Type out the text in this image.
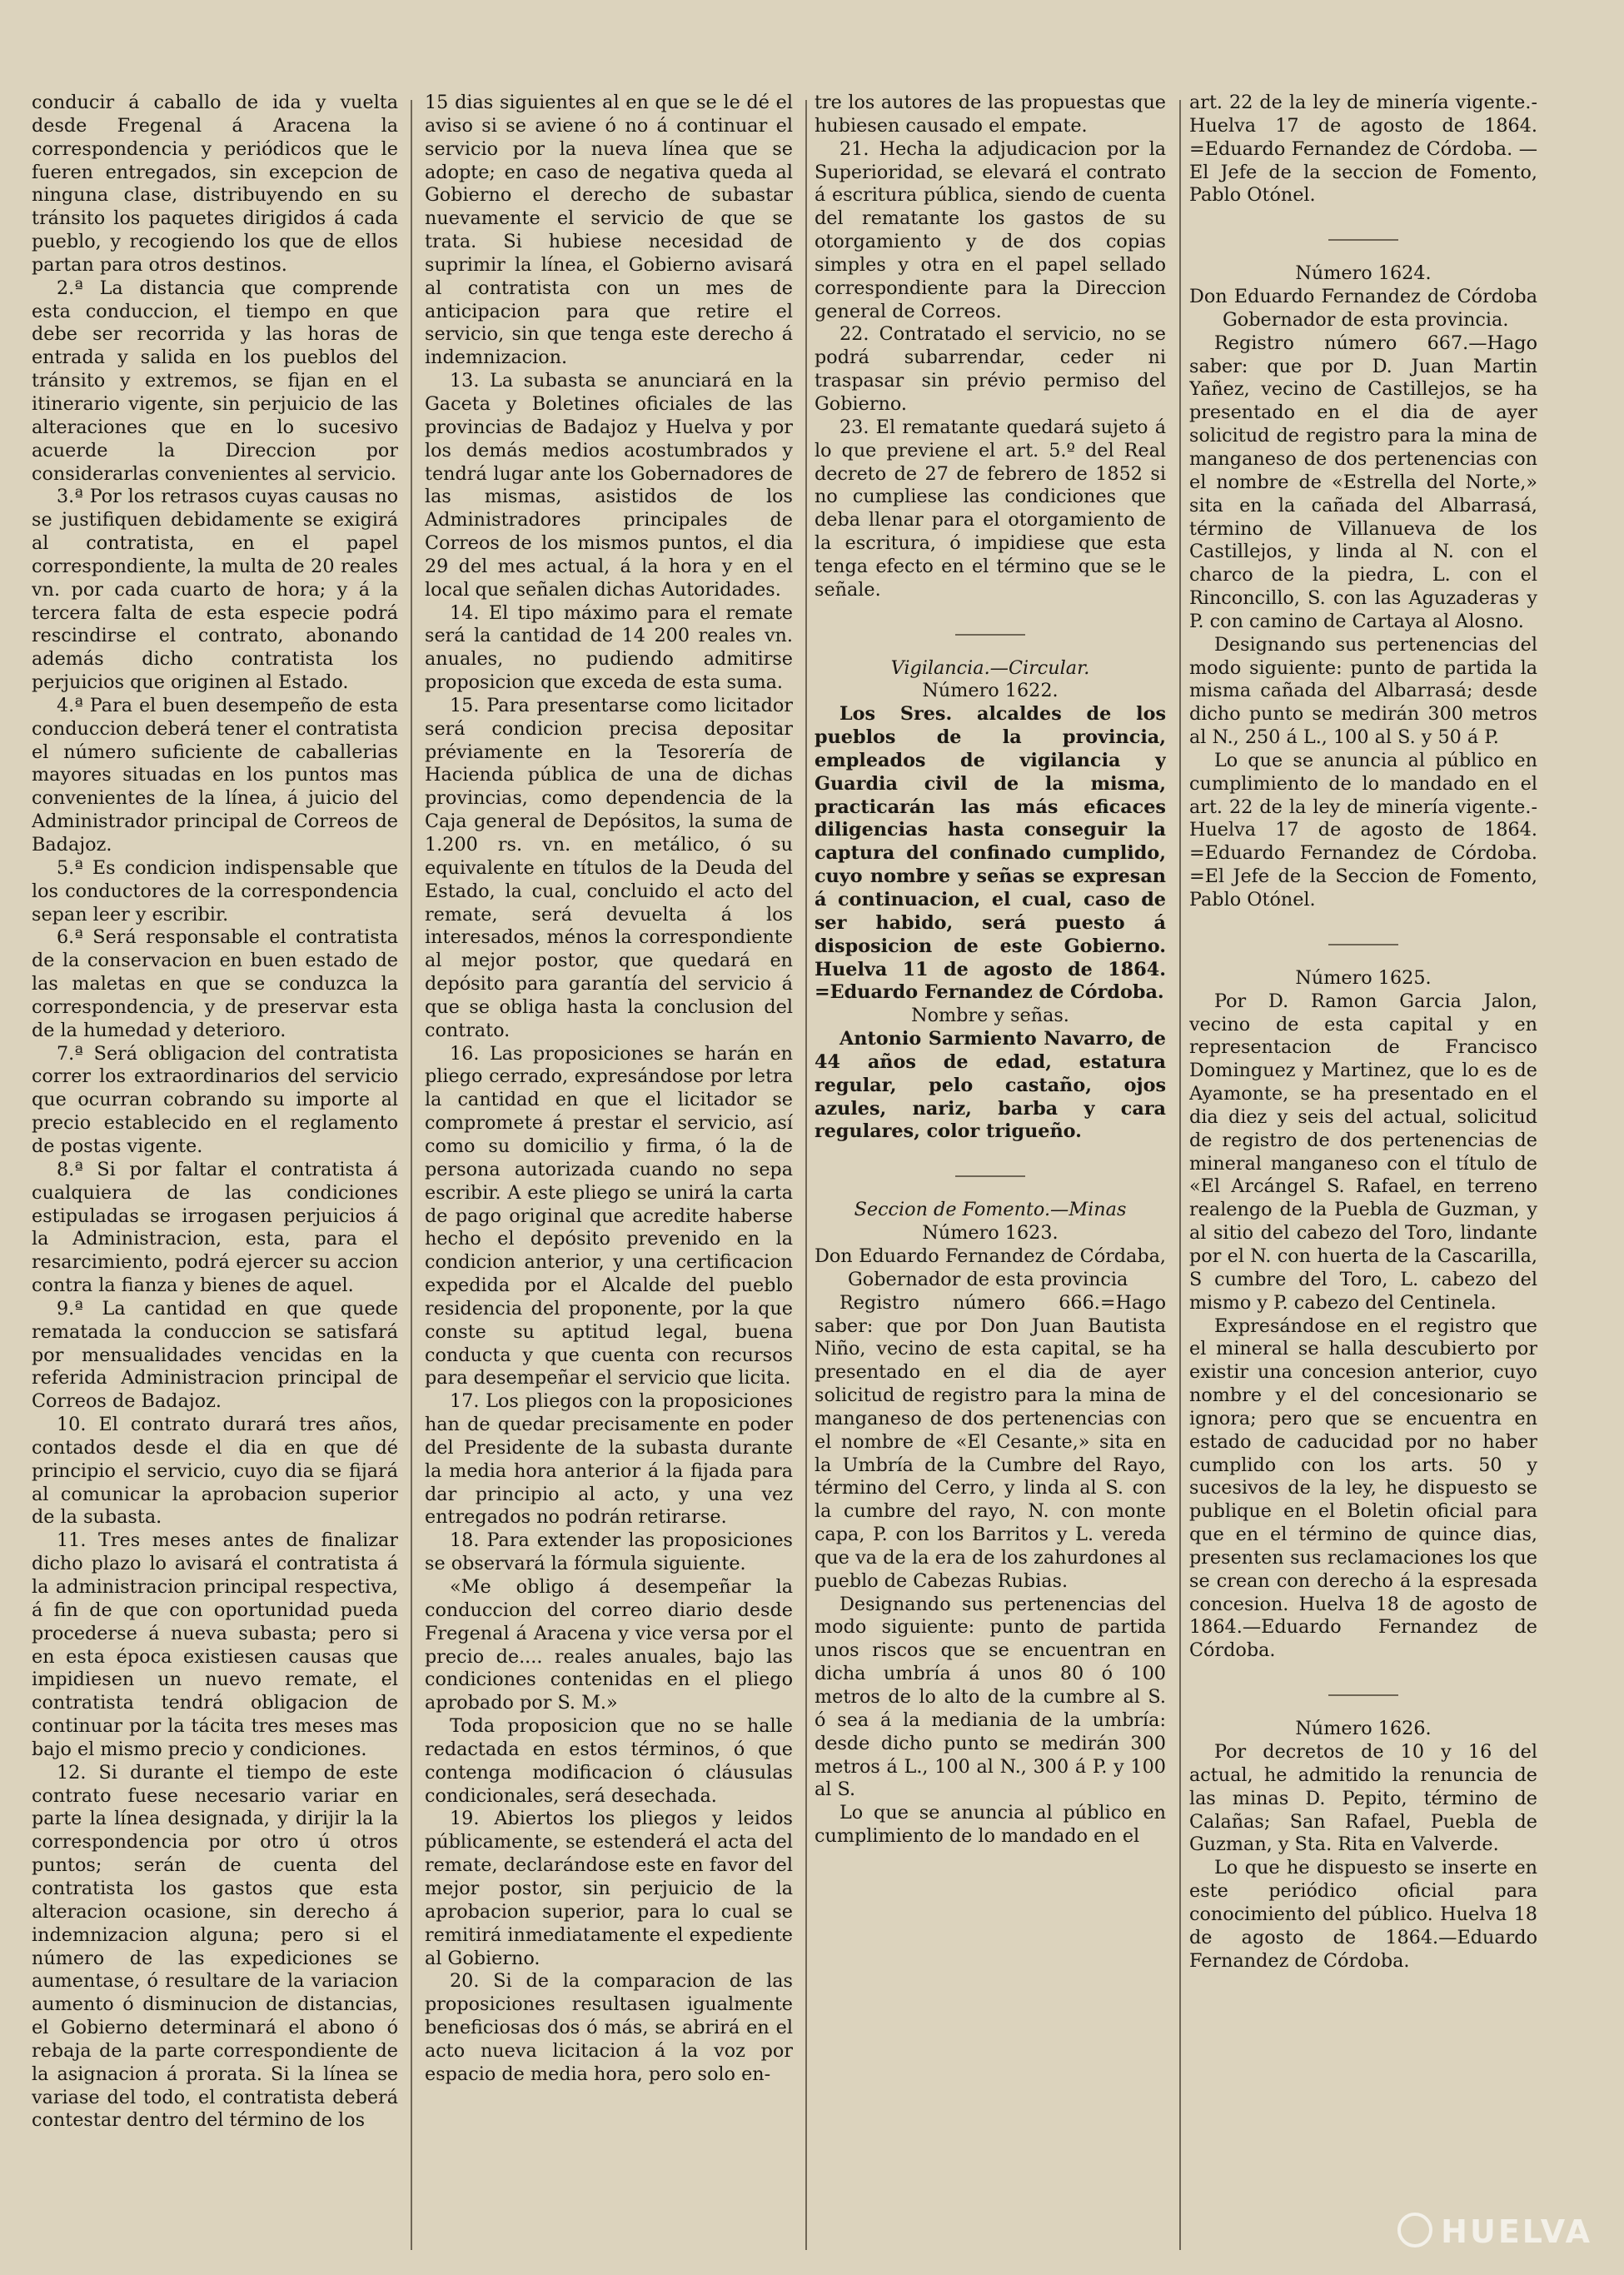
conducir á caballo de ida y vuelta desde Fregenal á Aracena la correspondencia y periódicos que le fueren entregados, sin excepcion de ninguna clase, distribuyendo en su tránsito los paquetes dirigidos á cada pueblo, y recogiendo los que de ellos partan para otros destinos.

2.ª La distancia que comprende esta conduccion, el tiempo en que debe ser recorrida y las horas de entrada y salida en los pueblos del tránsito y extremos, se fijan en el itinerario vigente, sin perjuicio de las alteraciones que en lo sucesivo acuerde la Direccion por considerarlas convenientes al servicio.

3.ª Por los retrasos cuyas causas no se justifiquen debidamente se exigirá al contratista, en el papel correspondiente, la multa de 20 reales vn. por cada cuarto de hora; y á la tercera falta de esta especie podrá rescindirse el contrato, abonando además dicho contratista los perjuicios que originen al Estado.

4.ª Para el buen desempeño de esta conduccion deberá tener el contratista el número suficiente de caballerias mayores situadas en los puntos mas convenientes de la línea, á juicio del Administrador principal de Correos de Badajoz.

5.ª Es condicion indispensable que los conductores de la correspondencia sepan leer y escribir.

6.ª Será responsable el contratista de la conservacion en buen estado de las maletas en que se conduzca la correspondencia, y de preservar esta de la humedad y deterioro.

7.ª Será obligacion del contratista correr los extraordinarios del servicio que ocurran cobrando su importe al precio establecido en el reglamento de postas vigente.

8.ª Si por faltar el contratista á cualquiera de las condiciones estipuladas se irrogasen perjuicios á la Administracion, esta, para el resarcimiento, podrá ejercer su accion contra la fianza y bienes de aquel.

9.ª La cantidad en que quede rematada la conduccion se satisfará por mensualidades vencidas en la referida Administracion principal de Correos de Badajoz.

10. El contrato durará tres años, contados desde el dia en que dé principio el servicio, cuyo dia se fijará al comunicar la aprobacion superior de la subasta.

11. Tres meses antes de finalizar dicho plazo lo avisará el contratista á la administracion principal respectiva, á fin de que con oportunidad pueda procederse á nueva subasta; pero si en esta época existiesen causas que impidiesen un nuevo remate, el contratista tendrá obligacion de continuar por la tácita tres meses mas bajo el mismo precio y condiciones.

12. Si durante el tiempo de este contrato fuese necesario variar en parte la línea designada, y dirijir la la correspondencia por otro ú otros puntos; serán de cuenta del contratista los gastos que esta alteracion ocasione, sin derecho á indemnizacion alguna; pero si el número de las expediciones se aumentase, ó resultare de la variacion aumento ó disminucion de distancias, el Gobierno determinará el abono ó rebaja de la parte correspondiente de la asignacion á prorata. Si la línea se variase del todo, el contratista deberá contestar dentro del término de los

15 dias siguientes al en que se le dé el aviso si se aviene ó no á continuar el servicio por la nueva línea que se adopte; en caso de negativa queda al Gobierno el derecho de subastar nuevamente el servicio de que se trata. Si hubiese necesidad de suprimir la línea, el Gobierno avisará al contratista con un mes de anticipacion para que retire el servicio, sin que tenga este derecho á indemnizacion.

13. La subasta se anunciará en la Gaceta y Boletines oficiales de las provincias de Badajoz y Huelva y por los demás medios acostumbrados y tendrá lugar ante los Gobernadores de las mismas, asistidos de los Administradores principales de Correos de los mismos puntos, el dia 29 del mes actual, á la hora y en el local que señalen dichas Autoridades.

14. El tipo máximo para el remate será la cantidad de 14 200 reales vn. anuales, no pudiendo admitirse proposicion que exceda de esta suma.

15. Para presentarse como licitador será condicion precisa depositar préviamente en la Tesorería de Hacienda pública de una de dichas provincias, como dependencia de la Caja general de Depósitos, la suma de 1.200 rs. vn. en metálico, ó su equivalente en títulos de la Deuda del Estado, la cual, concluido el acto del remate, será devuelta á los interesados, ménos la correspondiente al mejor postor, que quedará en depósito para garantía del servicio á que se obliga hasta la conclusion del contrato.

16. Las proposiciones se harán en pliego cerrado, expresándose por letra la cantidad en que el licitador se compromete á prestar el servicio, así como su domicilio y firma, ó la de persona autorizada cuando no sepa escribir. A este pliego se unirá la carta de pago original que acredite haberse hecho el depósito prevenido en la condicion anterior, y una certificacion expedida por el Alcalde del pueblo residencia del proponente, por la que conste su aptitud legal, buena conducta y que cuenta con recursos para desempeñar el servicio que licita.

17. Los pliegos con la proposiciones han de quedar precisamente en poder del Presidente de la subasta durante la media hora anterior á la fijada para dar principio al acto, y una vez entregados no podrán retirarse.

18. Para extender las proposiciones se observará la fórmula siguiente.

«Me obligo á desempeñar la conduccion del correo diario desde Fregenal á Aracena y vice versa por el precio de.... reales anuales, bajo las condiciones contenidas en el pliego aprobado por S. M.»

Toda proposicion que no se halle redactada en estos términos, ó que contenga modificacion ó cláusulas condicionales, será desechada.

19. Abiertos los pliegos y leidos públicamente, se estenderá el acta del remate, declarándose este en favor del mejor postor, sin perjuicio de la aprobacion superior, para lo cual se remitirá inmediatamente el expediente al Gobierno.

20. Si de la comparacion de las proposiciones resultasen igualmente beneficiosas dos ó más, se abrirá en el acto nueva licitacion á la voz por espacio de media hora, pero solo en-

tre los autores de las propuestas que hubiesen causado el empate.

21. Hecha la adjudicacion por la Superioridad, se elevará el contrato á escritura pública, siendo de cuenta del rematante los gastos de su otorgamiento y de dos copias simples y otra en el papel sellado correspondiente para la Direccion general de Correos.

22. Contratado el servicio, no se podrá subarrendar, ceder ni traspasar sin prévio permiso del Gobierno.

23. El rematante quedará sujeto á lo que previene el art. 5.º del Real decreto de 27 de febrero de 1852 si no cumpliese las condiciones que deba llenar para el otorgamiento de la escritura, ó impidiese que esta tenga efecto en el término que se le señale.

Vigilancia.—Circular.

Número 1622.

Los Sres. alcaldes de los pueblos de la provincia, empleados de vigilancia y Guardia civil de la misma, practicarán las más eficaces diligencias hasta conseguir la captura del confinado cumplido, cuyo nombre y señas se expresan á continuacion, el cual, caso de ser habido, será puesto á disposicion de este Gobierno. Huelva 11 de agosto de 1864. =Eduardo Fernandez de Córdoba.

Nombre y señas.

Antonio Sarmiento Navarro, de 44 años de edad, estatura regular, pelo castaño, ojos azules, nariz, barba y cara regulares, color trigueño.

Seccion de Fomento.—Minas

Número 1623.

Don Eduardo Fernandez de Córdaba, Gobernador de esta provincia

Registro número 666.=Hago saber: que por Don Juan Bautista Niño, vecino de esta capital, se ha presentado en el dia de ayer solicitud de registro para la mina de manganeso de dos pertenencias con el nombre de «El Cesante,» sita en la Umbría de la Cumbre del Rayo, término del Cerro, y linda al S. con la cumbre del rayo, N. con monte capa, P. con los Barritos y L. vereda que va de la era de los zahurdones al pueblo de Cabezas Rubias.

Designando sus pertenencias del modo siguiente: punto de partida unos riscos que se encuentran en dicha umbría á unos 80 ó 100 metros de lo alto de la cumbre al S. ó sea á la mediania de la umbría: desde dicho punto se medirán 300 metros á L., 100 al N., 300 á P. y 100 al S.

Lo que se anuncia al público en cumplimiento de lo mandado en el

art. 22 de la ley de minería vigente.-Huelva 17 de agosto de 1864. =Eduardo Fernandez de Córdoba. —El Jefe de la seccion de Fomento, Pablo Otónel.

Número 1624.

Don Eduardo Fernandez de Córdoba Gobernador de esta provincia.

Registro número 667.—Hago saber: que por D. Juan Martin Yañez, vecino de Castillejos, se ha presentado en el dia de ayer solicitud de registro para la mina de manganeso de dos pertenencias con el nombre de «Estrella del Norte,» sita en la cañada del Albarrasá, término de Villanueva de los Castillejos, y linda al N. con el charco de la piedra, L. con el Rinconcillo, S. con las Aguzaderas y P. con camino de Cartaya al Alosno.

Designando sus pertenencias del modo siguiente: punto de partida la misma cañada del Albarrasá; desde dicho punto se medirán 300 metros al N., 250 á L., 100 al S. y 50 á P.

Lo que se anuncia al público en cumplimiento de lo mandado en el art. 22 de la ley de minería vigente.-Huelva 17 de agosto de 1864. =Eduardo Fernandez de Córdoba. =El Jefe de la Seccion de Fomento, Pablo Otónel.

Número 1625.

Por D. Ramon Garcia Jalon, vecino de esta capital y en representacion de Francisco Dominguez y Martinez, que lo es de Ayamonte, se ha presentado en el dia diez y seis del actual, solicitud de registro de dos pertenencias de mineral manganeso con el título de «El Arcángel S. Rafael, en terreno realengo de la Puebla de Guzman, y al sitio del cabezo del Toro, lindante por el N. con huerta de la Cascarilla, S cumbre del Toro, L. cabezo del mismo y P. cabezo del Centinela.

Expresándose en el registro que el mineral se halla descubierto por existir una concesion anterior, cuyo nombre y el del concesionario se ignora; pero que se encuentra en estado de caducidad por no haber cumplido con los arts. 50 y sucesivos de la ley, he dispuesto se publique en el Boletin oficial para que en el término de quince dias, presenten sus reclamaciones los que se crean con derecho á la espresada concesion. Huelva 18 de agosto de 1864.—Eduardo Fernandez de Córdoba.

Número 1626.

Por decretos de 10 y 16 del actual, he admitido la renuncia de las minas D. Pepito, término de Calañas; San Rafael, Puebla de Guzman, y Sta. Rita en Valverde.

Lo que he dispuesto se inserte en este periódico oficial para conocimiento del público. Huelva 18 de agosto de 1864.—Eduardo Fernandez de Córdoba.

HUELVA
